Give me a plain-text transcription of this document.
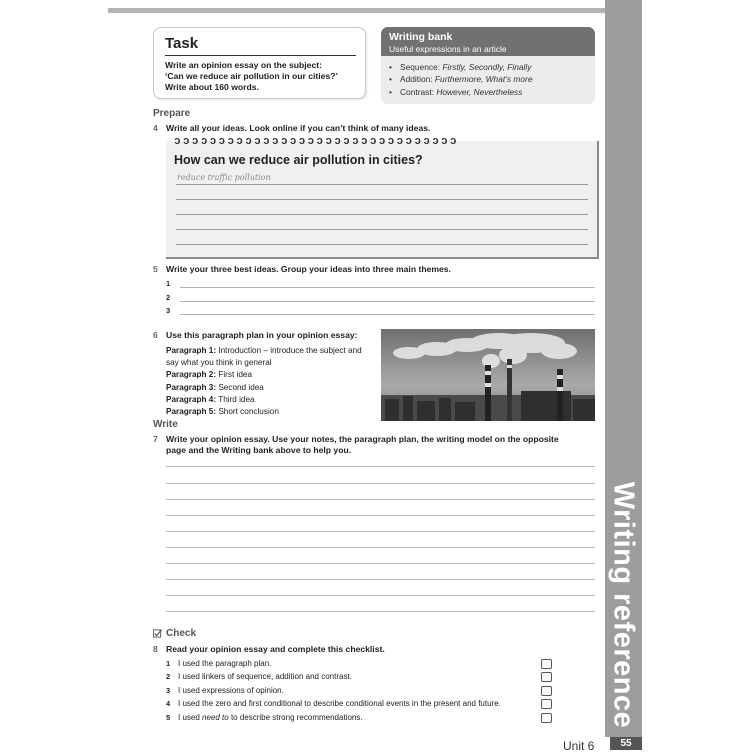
Writing reference
Unit 6	55
Task

Write an opinion essay on the subject:
‘Can we reduce air pollution in our cities?’
Write about 160 words.

Writing bank
Useful expressions in an article
• Sequence: Firstly, Secondly, Finally
• Addition: Furthermore, What’s more
• Contrast: However, Nevertheless
Prepare
4 Write all your ideas. Look online if you can’t think of many ideas.
ↄↄↄↄↄↄↄↄↄↄↄↄↄↄↄↄↄↄↄↄↄↄↄↄↄↄↄↄↄↄↄↄ
How can we reduce air pollution in cities?
reduce traffic pollution
5 Write your three best ideas. Group your ideas into three main themes.
1
2
3
6 Use this paragraph plan in your opinion essay:
Paragraph 1: Introduction – introduce the subject and say what you think in general
Paragraph 2: First idea
Paragraph 3: Second idea
Paragraph 4: Third idea
Paragraph 5: Short conclusion
Write
7 Write your opinion essay. Use your notes, the paragraph plan, the writing model on the opposite
page and the Writing bank above to help you.
Check
8 Read your opinion essay and complete this checklist.
1 I used the paragraph plan.
2 I used linkers of sequence, addition and contrast.
3 I used expressions of opinion.
4 I used the zero and first conditional to describe conditional events in the present and future.
5 I used need to to describe strong recommendations.
